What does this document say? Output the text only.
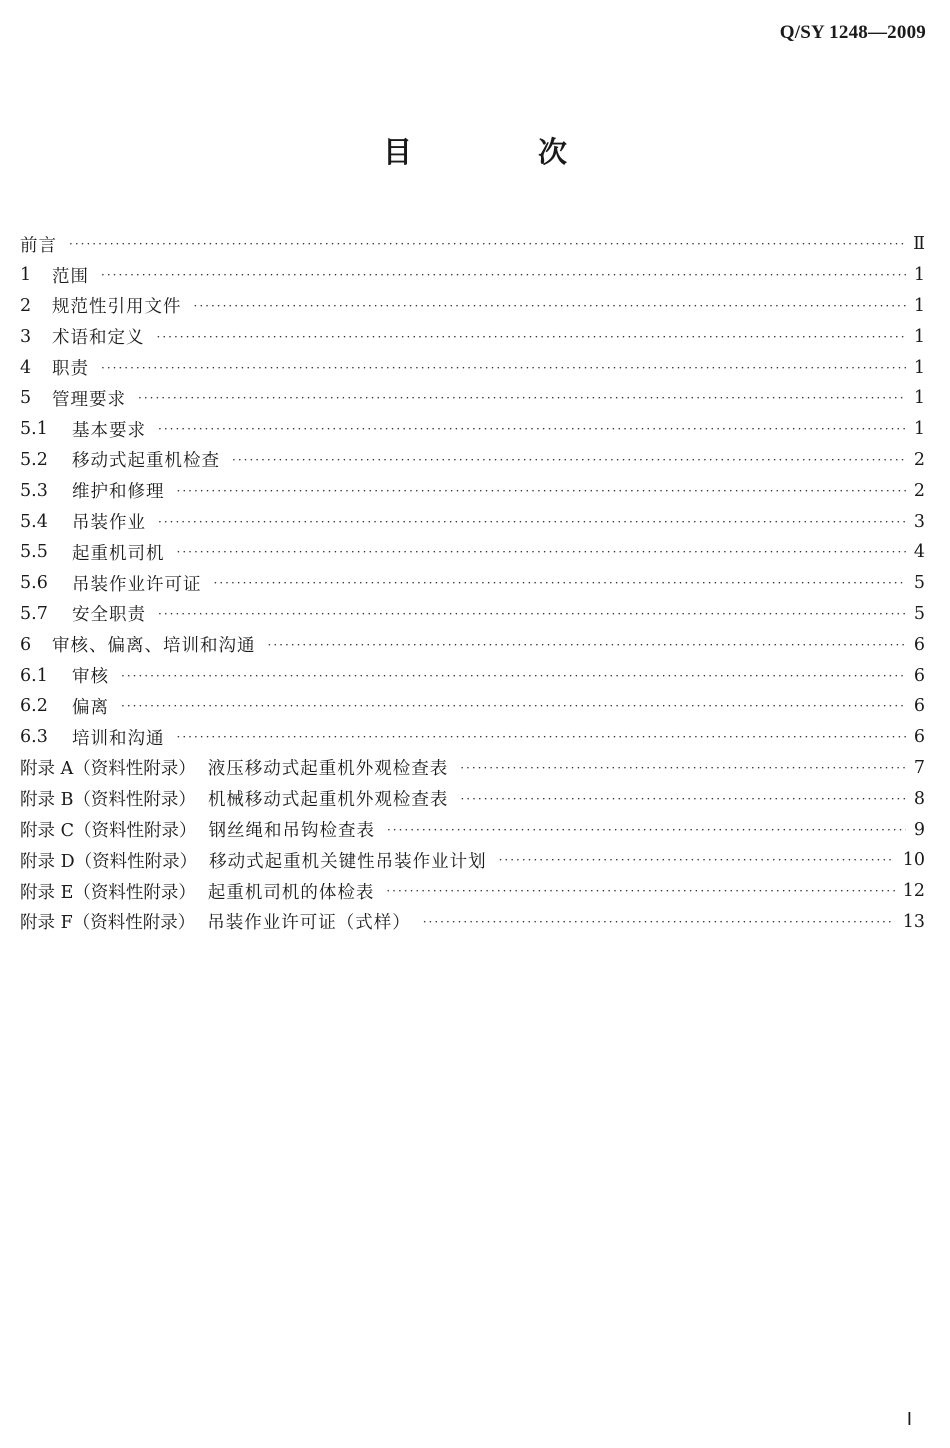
Q/SY 1248—2009
目 次
前言 ·····	Ⅱ
1	范围 ·····	1
2	规范性引用文件 ·····	1
3	术语和定义 ·····	1
4	职责 ·····	1
5	管理要求 ·····	1
5.1	基本要求 ·····	1
5.2	移动式起重机检查 ·····	2
5.3	维护和修理 ·····	2
5.4	吊装作业 ·····	3
5.5	起重机司机 ·····	4
5.6	吊装作业许可证 ·····	5
5.7	安全职责 ·····	5
6	审核、偏离、培训和沟通 ·····	6
6.1	审核 ·····	6
6.2	偏离 ·····	6
6.3	培训和沟通 ·····	6
附录 A（资料性附录） 液压移动式起重机外观检查表 ·····	7
附录 B（资料性附录） 机械移动式起重机外观检查表 ·····	8
附录 C（资料性附录） 钢丝绳和吊钩检查表 ·····	9
附录 D（资料性附录） 移动式起重机关键性吊装作业计划 ·····	10
附录 E（资料性附录） 起重机司机的体检表 ·····	12
附录 F（资料性附录） 吊装作业许可证（式样） ·····	13
Ⅰ
